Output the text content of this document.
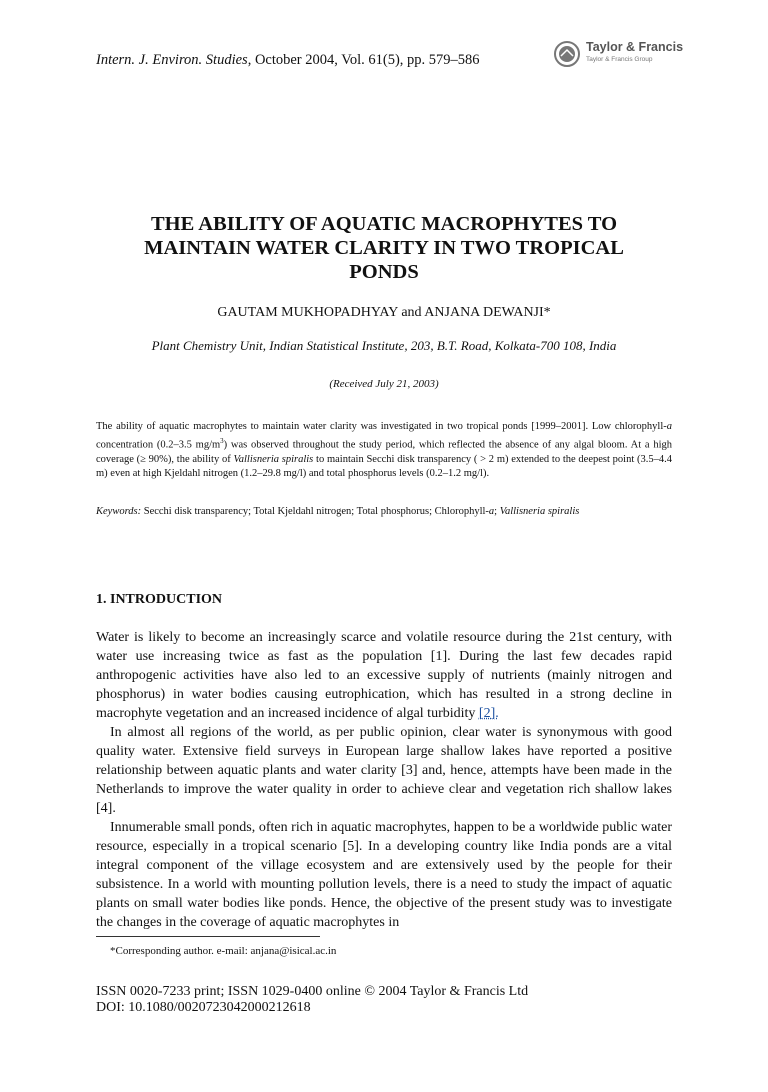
Intern. J. Environ. Studies, October 2004, Vol. 61(5), pp. 579–586
Taylor & Francis
Taylor & Francis Group
THE ABILITY OF AQUATIC MACROPHYTES TO
MAINTAIN WATER CLARITY IN TWO TROPICAL
PONDS
GAUTAM MUKHOPADHYAY and ANJANA DEWANJI*
Plant Chemistry Unit, Indian Statistical Institute, 203, B.T. Road, Kolkata-700 108, India
(Received July 21, 2003)
The ability of aquatic macrophytes to maintain water clarity was investigated in two tropical ponds [1999–2001]. Low chlorophyll-a concentration (0.2–3.5 $mg/m^3$) was observed throughout the study period, which reflected the absence of any algal bloom. At a high coverage (≥ 90%), the ability of Vallisneria spiralis to maintain Secchi disk transparency ( > 2 m) extended to the deepest point (3.5–4.4 m) even at high Kjeldahl nitrogen (1.2–29.8 mg/l) and total phosphorus levels (0.2–1.2 mg/l).
Keywords: Secchi disk transparency; Total Kjeldahl nitrogen; Total phosphorus; Chlorophyll-a; Vallisneria spiralis
1. INTRODUCTION

Water is likely to become an increasingly scarce and volatile resource during the 21st century, with water use increasing twice as fast as the population [1]. During the last few decades rapid anthropogenic activities have also led to an excessive supply of nutrients (mainly nitrogen and phosphorus) in water bodies causing eutrophication, which has resulted in a strong decline in macrophyte vegetation and an increased incidence of algal turbidity [2].

In almost all regions of the world, as per public opinion, clear water is synonymous with good quality water. Extensive field surveys in European large shallow lakes have reported a positive relationship between aquatic plants and water clarity [3] and, hence, attempts have been made in the Netherlands to improve the water quality in order to achieve clear and vegetation rich shallow lakes [4].

Innumerable small ponds, often rich in aquatic macrophytes, happen to be a worldwide public water resource, especially in a tropical scenario [5]. In a developing country like India ponds are a vital integral component of the village ecosystem and are extensively used by the people for their subsistence. In a world with mounting pollution levels, there is a need to study the impact of aquatic plants on small water bodies like ponds. Hence, the objective of the present study was to investigate the changes in the coverage of aquatic macrophytes in

*Corresponding author. e-mail: anjana@isical.ac.in
ISSN 0020-7233 print; ISSN 1029-0400 online © 2004 Taylor & Francis Ltd
DOI: 10.1080/0020723042000212618
